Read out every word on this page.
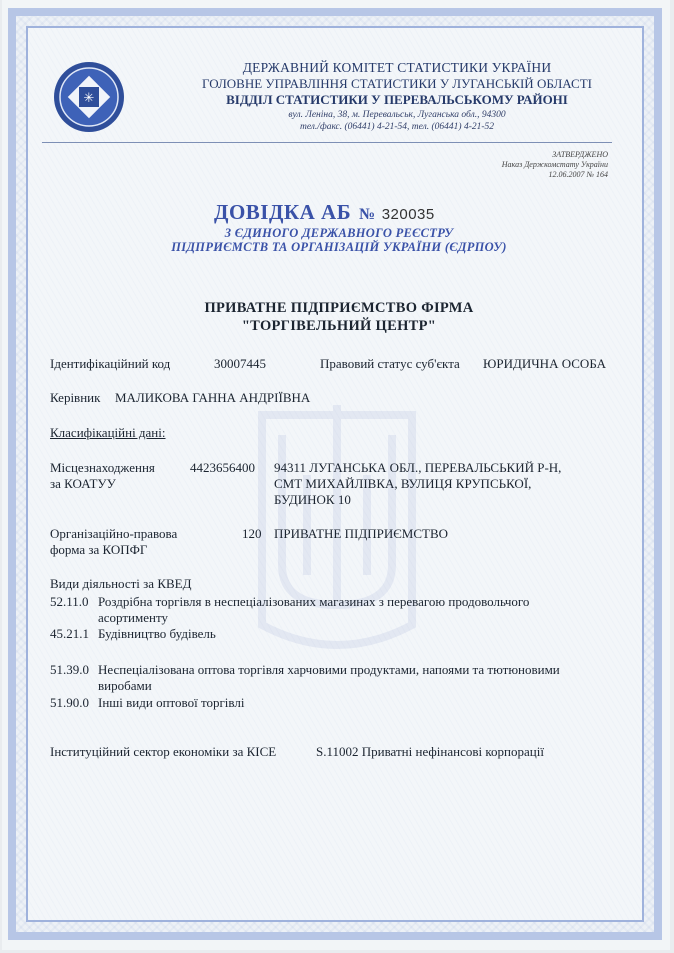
✳
ДЕРЖАВНИЙ КОМІТЕТ СТАТИСТИКИ УКРАЇНИ
ГОЛОВНЕ УПРАВЛІННЯ СТАТИСТИКИ У ЛУГАНСЬКІЙ ОБЛАСТІ
ВІДДІЛ СТАТИСТИКИ У ПЕРЕВАЛЬСЬКОМУ РАЙОНІ
вул. Леніна, 38, м. Перевальськ, Луганська обл., 94300
тел./факс. (06441) 4-21-54, тел. (06441) 4-21-52
ЗАТВЕРДЖЕНО
Наказ Держкомстату України
12.06.2007 № 164
ДОВІДКА АБ № 320035
З ЄДИНОГО ДЕРЖАВНОГО РЕЄСТРУ
ПІДПРИЄМСТВ ТА ОРГАНІЗАЦІЙ УКРАЇНИ (ЄДРПОУ)
ПРИВАТНЕ ПІДПРИЄМСТВО ФІРМА
"ТОРГІВЕЛЬНИЙ ЦЕНТР"
Ідентифікаційний код	30007445	Правовий статус суб'єкта ЮРИДИЧНА ОСОБА
Керівник МАЛИКОВА ГАННА АНДРІЇВНА
Класифікаційні дані:
Місцезнаходження
за КОАТУУ
4423656400 94311 ЛУГАНСЬКА ОБЛ., ПЕРЕВАЛЬСЬКИЙ Р-Н,
СМТ МИХАЙЛІВКА, ВУЛИЦЯ КРУПСЬКОЇ,
БУДИНОК 10
Організаційно-правова
форма за КОПФГ
120 ПРИВАТНЕ ПІДПРИЄМСТВО
Види діяльності за КВЕД
52.11.0 Роздрібна торгівля в неспеціалізованих магазинах з перевагою продовольчого
асортименту
45.21.1 Будівництво будівель
51.39.0 Неспеціалізована оптова торгівля харчовими продуктами, напоями та тютюновими
виробами
51.90.0 Інші види оптової торгівлі
Інституційний сектор економіки за КІСЕ	S.11002 Приватні нефінансові корпорації
